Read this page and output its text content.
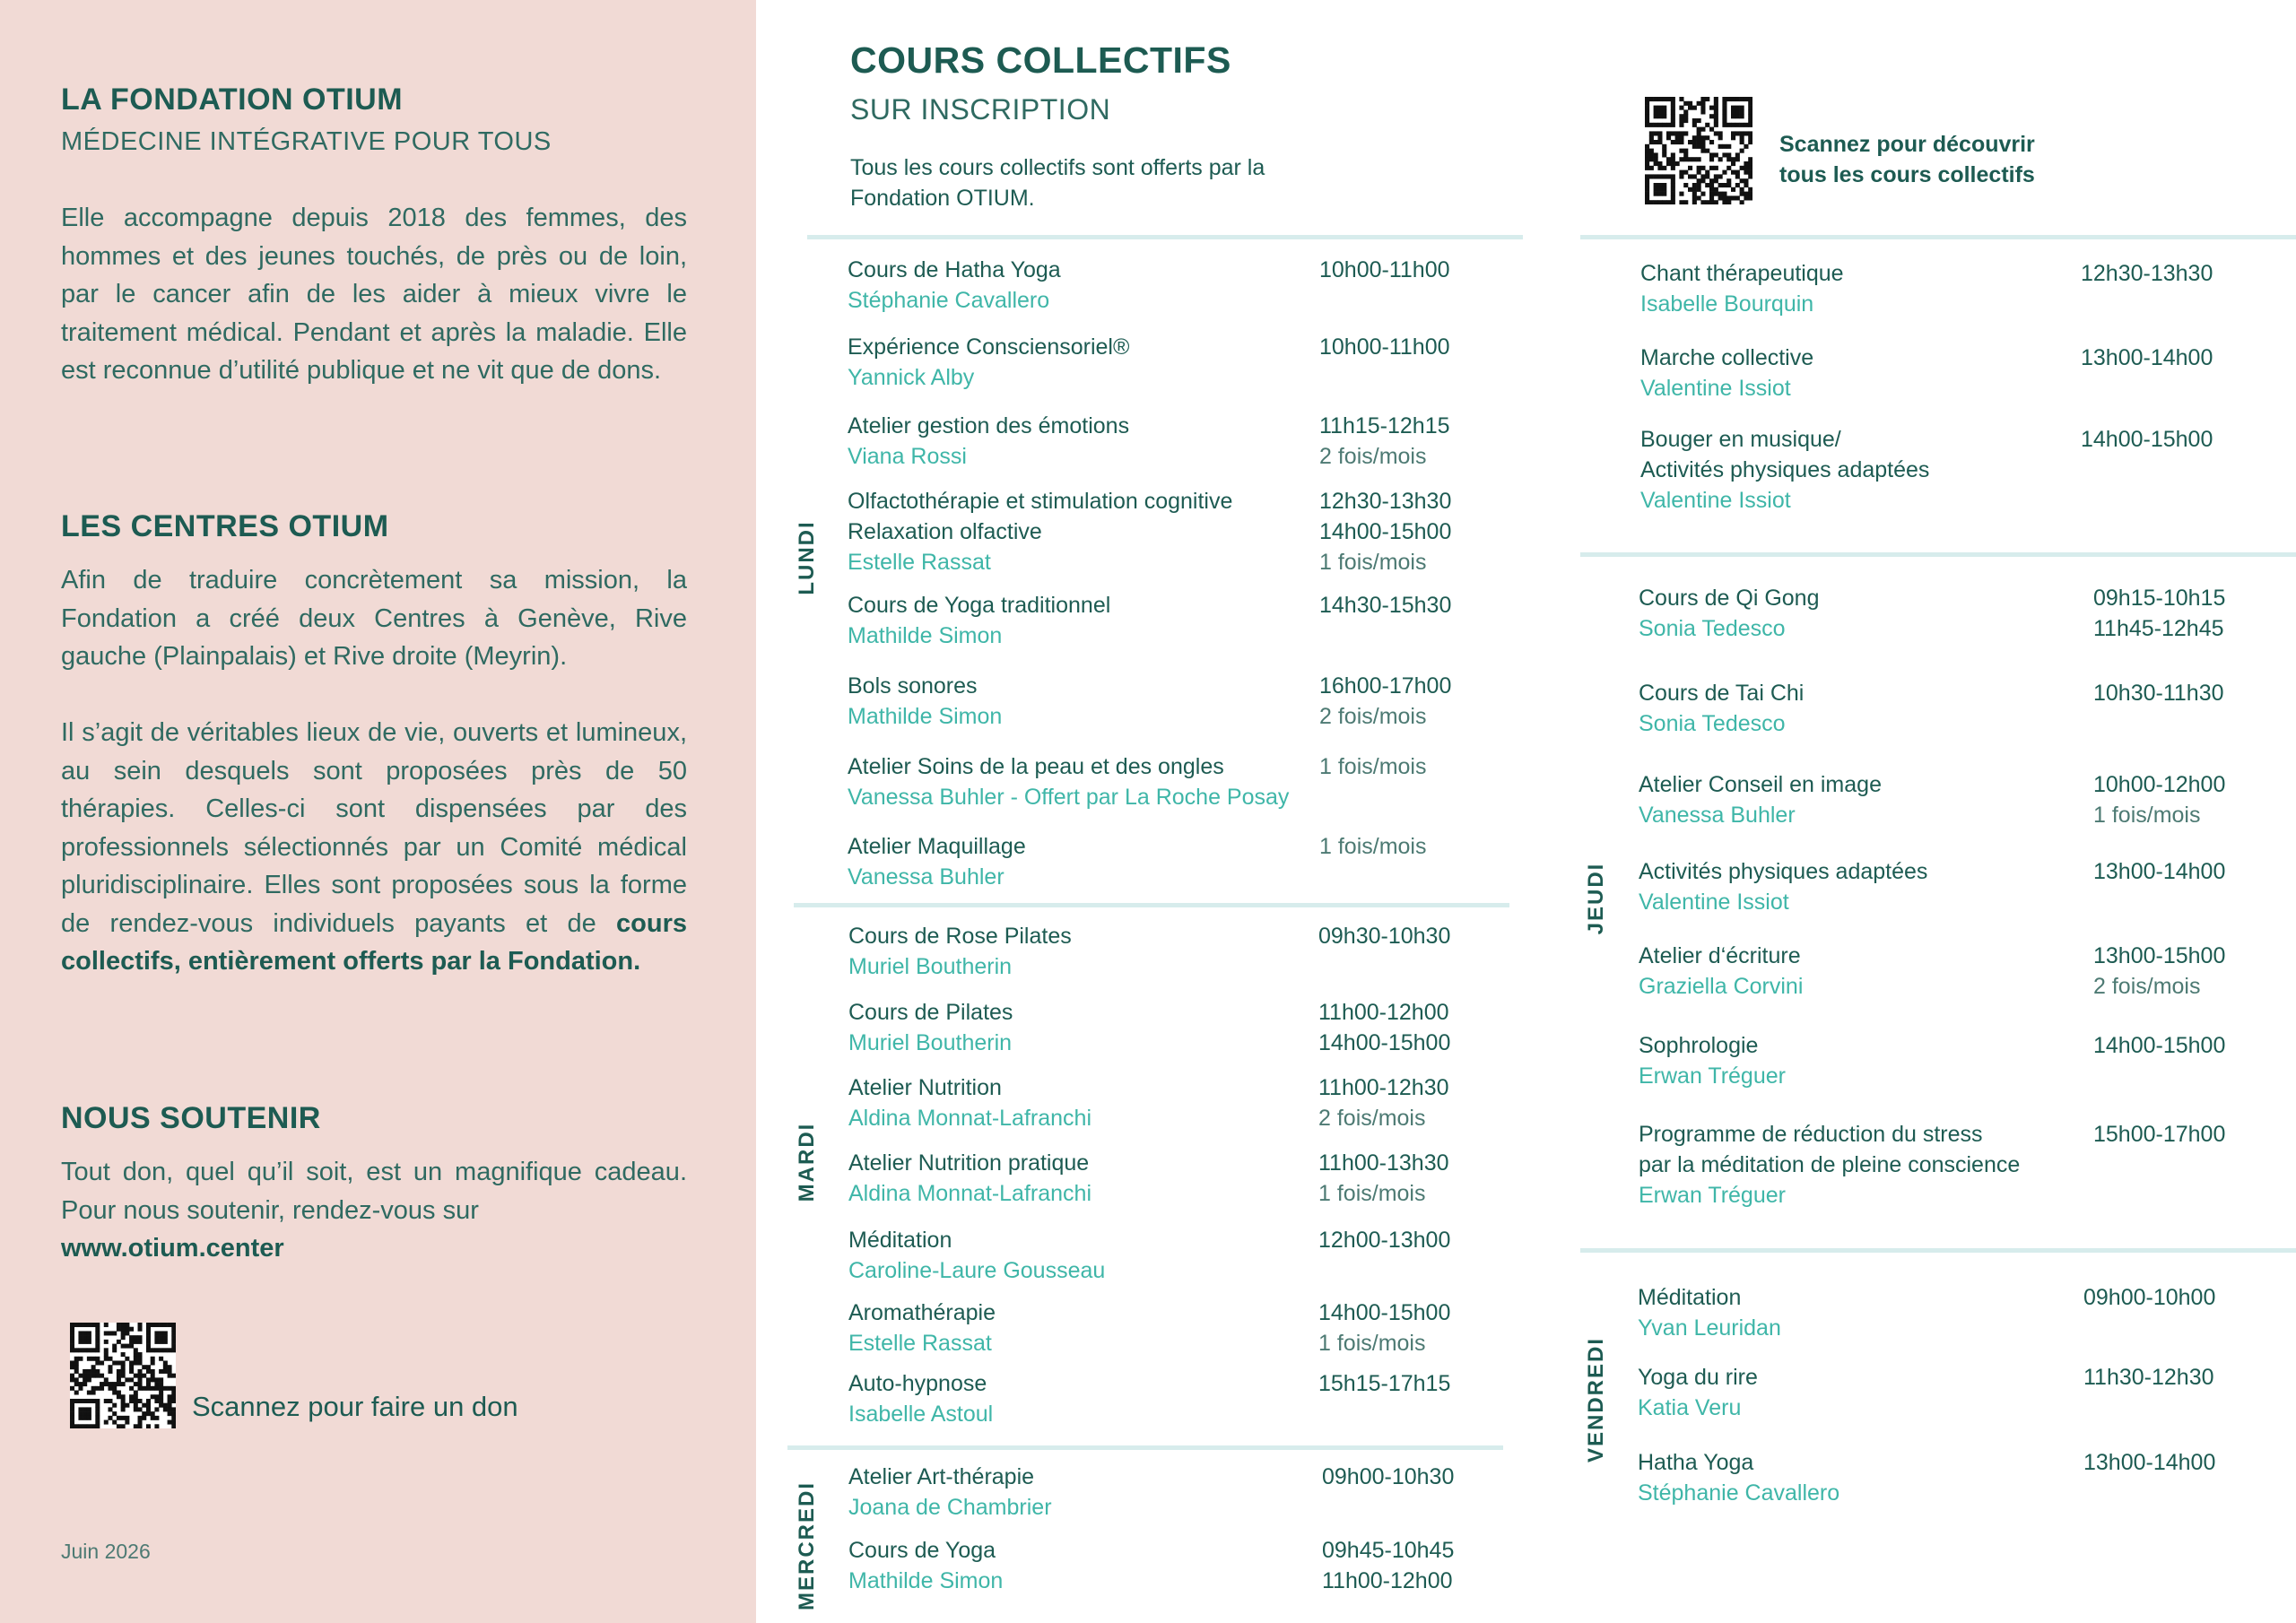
LA FONDATION OTIUM
MÉDECINE INTÉGRATIVE POUR TOUS
Elle accompagne depuis 2018 des femmes, des hommes et des jeunes touchés, de près ou de loin, par le cancer afin de les aider à mieux vivre le traitement médical. Pendant et après la maladie. Elle est reconnue d’utilité publique et ne vit que de dons.
LES CENTRES OTIUM
Afin de traduire concrètement sa mission, la Fondation a créé deux Centres à Genève, Rive gauche (Plainpalais) et Rive droite (Meyrin).
Il s’agit de véritables lieux de vie, ouverts et lumineux, au sein desquels sont proposées près de 50 thérapies. Celles-ci sont dispensées par des professionnels sélectionnés par un Comité médical pluridisciplinaire. Elles sont proposées sous la forme de rendez-vous individuels payants et de cours collectifs, entièrement offerts par la Fondation.
NOUS SOUTENIR
Tout don, quel qu’il soit, est un magnifique cadeau. Pour nous soutenir, rendez-vous sur
www.otium.center
Scannez pour faire un don
Juin 2026
COURS COLLECTIFS
SUR INSCRIPTION
Tous les cours collectifs sont offerts par la Fondation OTIUM.
Scannez pour découvrir tous les cours collectifs
LUNDI
MARDI
MERCREDI
JEUDI
VENDREDI
Cours de Hatha Yoga
Stéphanie Cavallero
10h00-11h00
Expérience Consciensoriel®
Yannick Alby
10h00-11h00
Atelier gestion des émotions
Viana Rossi
11h15-12h15
2 fois/mois
Olfactothérapie et stimulation cognitive
Relaxation olfactive
Estelle Rassat
12h30-13h30
14h00-15h00
1 fois/mois
Cours de Yoga traditionnel
Mathilde Simon
14h30-15h30
Bols sonores
Mathilde Simon
16h00-17h00
2 fois/mois
Atelier Soins de la peau et des ongles
Vanessa Buhler - Offert par La Roche Posay
1 fois/mois
Atelier Maquillage
Vanessa Buhler
1 fois/mois
Cours de Rose Pilates
Muriel Boutherin
09h30-10h30
Cours de Pilates
Muriel Boutherin
11h00-12h00
14h00-15h00
Atelier Nutrition
Aldina Monnat-Lafranchi
11h00-12h30
2 fois/mois
Atelier Nutrition pratique
Aldina Monnat-Lafranchi
11h00-13h30
1 fois/mois
Méditation
Caroline-Laure Gousseau
12h00-13h00
Aromathérapie
Estelle Rassat
14h00-15h00
1 fois/mois
Auto-hypnose
Isabelle Astoul
15h15-17h15
Atelier Art-thérapie
Joana de Chambrier
09h00-10h30
Cours de Yoga
Mathilde Simon
09h45-10h45
11h00-12h00
Chant thérapeutique
Isabelle Bourquin
12h30-13h30
Marche collective
Valentine Issiot
13h00-14h00
Bouger en musique/
Activités physiques adaptées
Valentine Issiot
14h00-15h00
Cours de Qi Gong
Sonia Tedesco
09h15-10h15
11h45-12h45
Cours de Tai Chi
Sonia Tedesco
10h30-11h30
Atelier Conseil en image
Vanessa Buhler
10h00-12h00
1 fois/mois
Activités physiques adaptées
Valentine Issiot
13h00-14h00
Atelier d‘écriture
Graziella Corvini
13h00-15h00
2 fois/mois
Sophrologie
Erwan Tréguer
14h00-15h00
Programme de réduction du stress
par la méditation de pleine conscience
Erwan Tréguer
15h00-17h00
Méditation
Yvan Leuridan
09h00-10h00
Yoga du rire
Katia Veru
11h30-12h30
Hatha Yoga
Stéphanie Cavallero
13h00-14h00
